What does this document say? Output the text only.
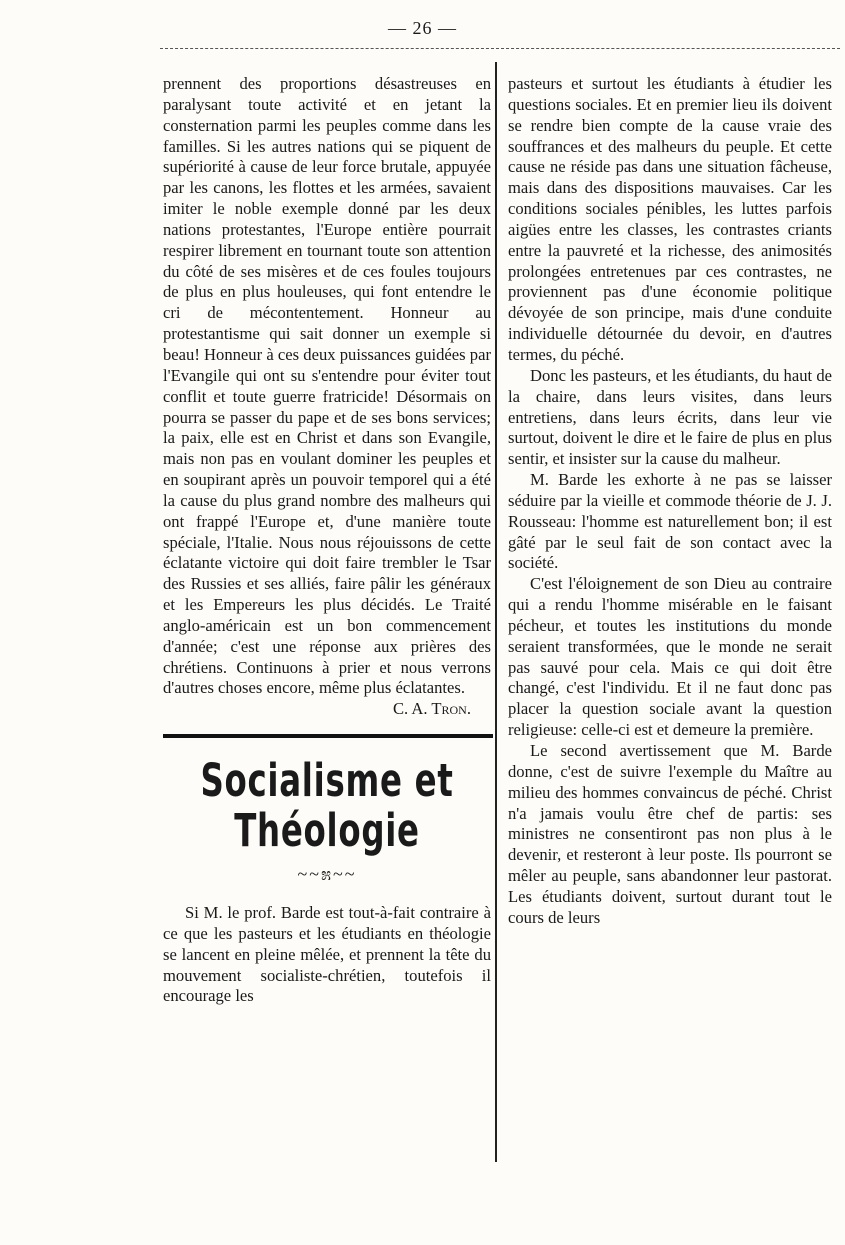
— 26 —

prennent des proportions désastreuses en paralysant toute activité et en jetant la consternation parmi les peuples comme dans les familles. Si les autres nations qui se piquent de supériorité à cause de leur force brutale, appuyée par les canons, les flottes et les armées, savaient imiter le noble exemple donné par les deux nations protestantes, l'Europe entière pourrait respirer librement en tournant toute son attention du côté de ses misères et de ces foules toujours de plus en plus houleuses, qui font entendre le cri de mécontentement. Honneur au protestantisme qui sait donner un exemple si beau! Honneur à ces deux puissances guidées par l'Evangile qui ont su s'entendre pour éviter tout conflit et toute guerre fratricide! Désormais on pourra se passer du pape et de ses bons services; la paix, elle est en Christ et dans son Evangile, mais non pas en voulant dominer les peuples et en soupirant après un pouvoir temporel qui a été la cause du plus grand nombre des malheurs qui ont frappé l'Europe et, d'une manière toute spéciale, l'Italie. Nous nous réjouissons de cette éclatante victoire qui doit faire trembler le Tsar des Russies et ses alliés, faire pâlir les généraux et les Empereurs les plus décidés. Le Traité anglo-américain est un bon commencement d'année; c'est une réponse aux prières des chrétiens. Continuons à prier et nous verrons d'autres choses encore, même plus éclatantes.

C. A. Tron.

Socialisme et Théologie
~~೫~~

Si M. le prof. Barde est tout-à-fait contraire à ce que les pasteurs et les étudiants en théologie se lancent en pleine mêlée, et prennent la tête du mouvement socialiste-chrétien, toutefois il encourage les

pasteurs et surtout les étudiants à étudier les questions sociales. Et en premier lieu ils doivent se rendre bien compte de la cause vraie des souffrances et des malheurs du peuple. Et cette cause ne réside pas dans une situation fâcheuse, mais dans des dispositions mauvaises. Car les conditions sociales pénibles, les luttes parfois aigües entre les classes, les contrastes criants entre la pauvreté et la richesse, des animosités prolongées entretenues par ces contrastes, ne proviennent pas d'une économie politique dévoyée de son principe, mais d'une conduite individuelle détournée du devoir, en d'autres termes, du péché.

Donc les pasteurs, et les étudiants, du haut de la chaire, dans leurs visites, dans leurs entretiens, dans leurs écrits, dans leur vie surtout, doivent le dire et le faire de plus en plus sentir, et insister sur la cause du malheur.

M. Barde les exhorte à ne pas se laisser séduire par la vieille et commode théorie de J. J. Rousseau: l'homme est naturellement bon; il est gâté par le seul fait de son contact avec la société.

C'est l'éloignement de son Dieu au contraire qui a rendu l'homme misérable en le faisant pécheur, et toutes les institutions du monde seraient transformées, que le monde ne serait pas sauvé pour cela. Mais ce qui doit être changé, c'est l'individu. Et il ne faut donc pas placer la question sociale avant la question religieuse: celle-ci est et demeure la première.

Le second avertissement que M. Barde donne, c'est de suivre l'exemple du Maître au milieu des hommes convaincus de péché. Christ n'a jamais voulu être chef de partis: ses ministres ne consentiront pas non plus à le devenir, et resteront à leur poste. Ils pourront se mêler au peuple, sans abandonner leur pastorat. Les étudiants doivent, surtout durant tout le cours de leurs
